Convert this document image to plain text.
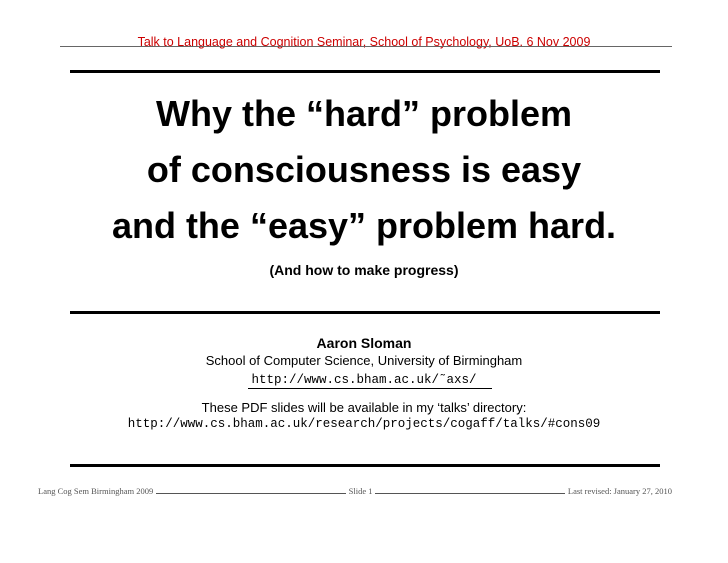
Talk to Language and Cognition Seminar, School of Psychology, UoB. 6 Nov 2009
Why the “hard” problem
of consciousness is easy
and the “easy” problem hard.
(And how to make progress)
Aaron Sloman
School of Computer Science, University of Birmingham
http://www.cs.bham.ac.uk/˜axs/
These PDF slides will be available in my ‘talks’ directory:
http://www.cs.bham.ac.uk/research/projects/cogaff/talks/#cons09
Lang Cog Sem Birmingham 2009	Slide 1	Last revised: January 27, 2010
